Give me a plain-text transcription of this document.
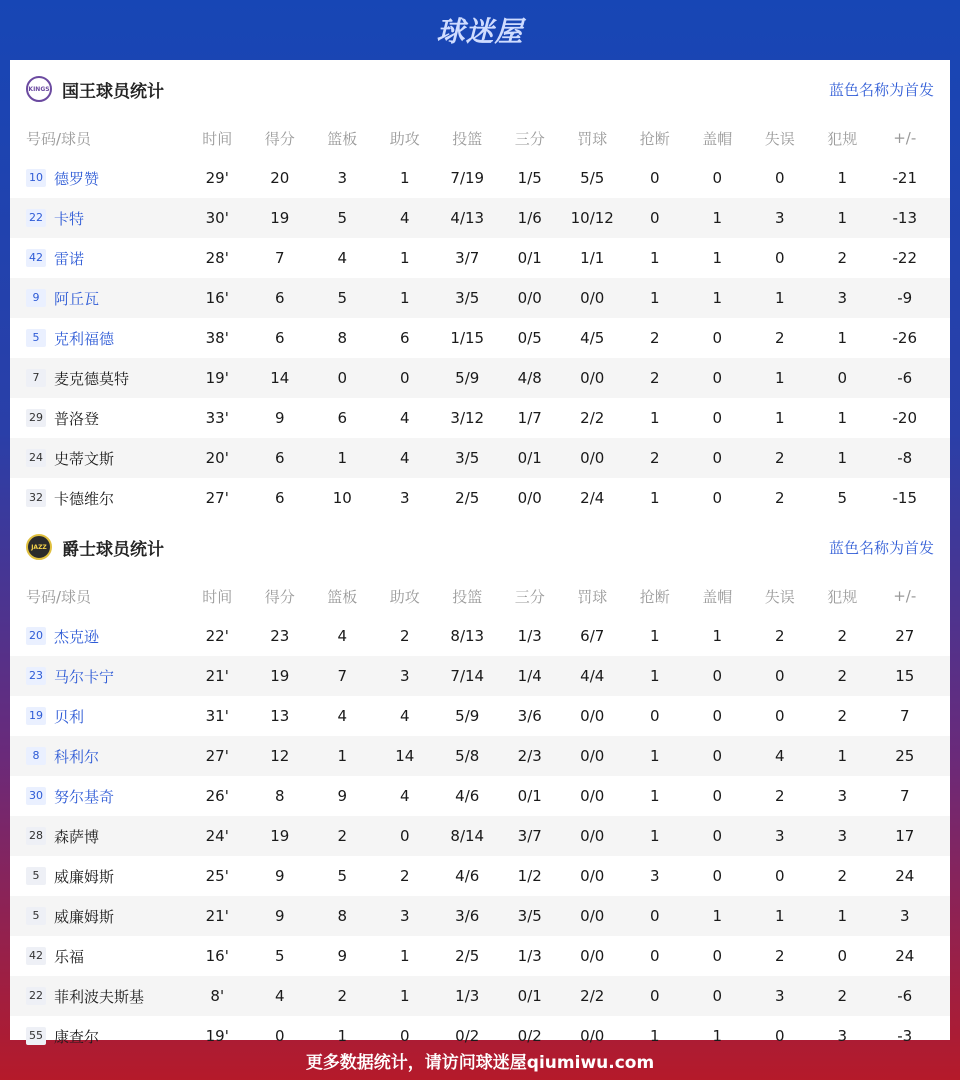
球迷屋
KINGS 国王球员统计	蓝色名称为首发
号码/球员	时间	得分	篮板	助攻	投篮	三分	罚球	抢断	盖帽	失误	犯规	+/-
10 德罗赞	29'	20	3	1	7/19	1/5	5/5	0	0	0	1	-21
22 卡特	30'	19	5	4	4/13	1/6	10/12	0	1	3	1	-13
42 雷诺	28'	7	4	1	3/7	0/1	1/1	1	1	0	2	-22
9 阿丘瓦	16'	6	5	1	3/5	0/0	0/0	1	1	1	3	-9
5 克利福德	38'	6	8	6	1/15	0/5	4/5	2	0	2	1	-26
7 麦克德莫特	19'	14	0	0	5/9	4/8	0/0	2	0	1	0	-6
29 普洛登	33'	9	6	4	3/12	1/7	2/2	1	0	1	1	-20
24 史蒂文斯	20'	6	1	4	3/5	0/1	0/0	2	0	2	1	-8
32 卡德维尔	27'	6	10	3	2/5	0/0	2/4	1	0	2	5	-15
JAZZ 爵士球员统计	蓝色名称为首发
号码/球员	时间	得分	篮板	助攻	投篮	三分	罚球	抢断	盖帽	失误	犯规	+/-
20 杰克逊	22'	23	4	2	8/13	1/3	6/7	1	1	2	2	27
23 马尔卡宁	21'	19	7	3	7/14	1/4	4/4	1	0	0	2	15
19 贝利	31'	13	4	4	5/9	3/6	0/0	0	0	0	2	7
8 科利尔	27'	12	1	14	5/8	2/3	0/0	1	0	4	1	25
30 努尔基奇	26'	8	9	4	4/6	0/1	0/0	1	0	2	3	7
28 森萨博	24'	19	2	0	8/14	3/7	0/0	1	0	3	3	17
5 威廉姆斯	25'	9	5	2	4/6	1/2	0/0	3	0	0	2	24
5 威廉姆斯	21'	9	8	3	3/6	3/5	0/0	0	1	1	1	3
42 乐福	16'	5	9	1	2/5	1/3	0/0	0	0	2	0	24
22 菲利波夫斯基	8'	4	2	1	1/3	0/1	2/2	0	0	3	2	-6
55 康查尔	19'	0	1	0	0/2	0/2	0/0	1	1	0	3	-3
更多数据统计，请访问球迷屋qiumiwu.com
